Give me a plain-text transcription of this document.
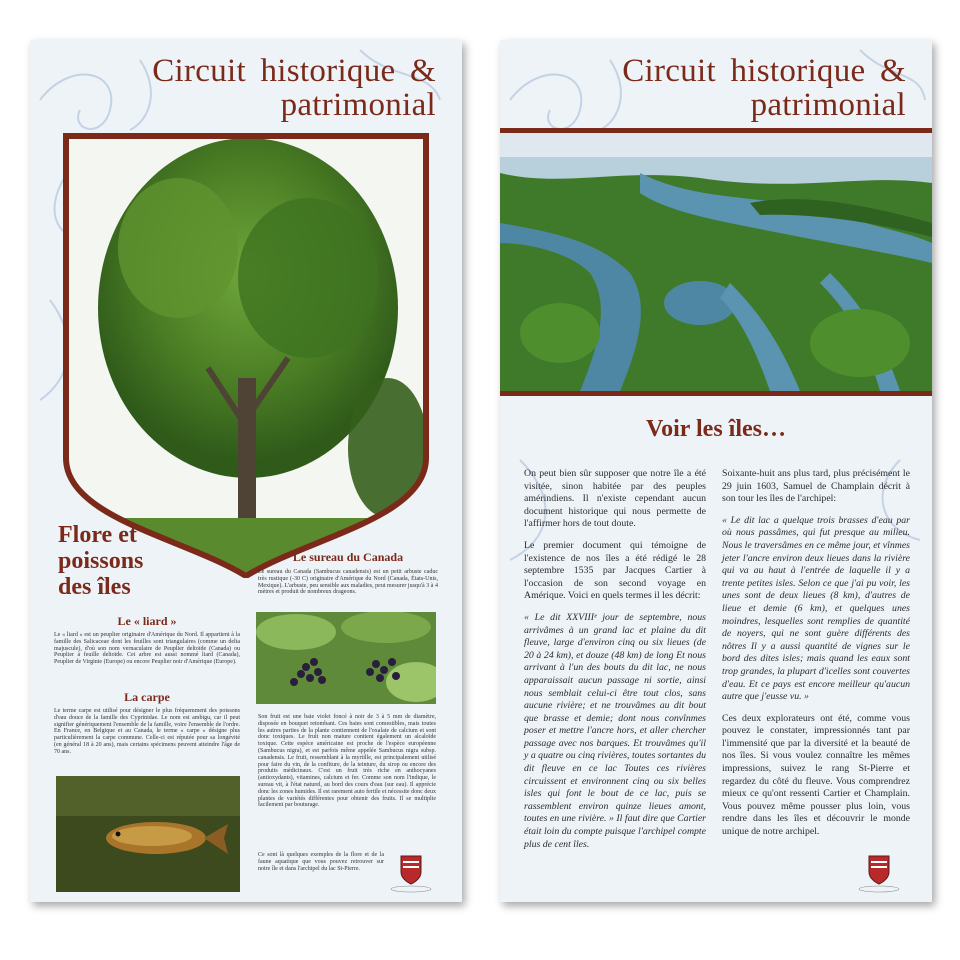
Circuit historique &
patrimonial
Flore et
poissons
des îles
Le sureau du Canada

Le sureau du Canada (Sambucus canadensis) est un petit arbuste caduc très rustique (-30 C) originaire d'Amérique du Nord (Canada, États-Unis, Mexique). L'arbuste, peu sensible aux maladies, peut mesurer jusqu'à 3 à 4 mètres et produit de nombreux drageons.

Le « liard »

Le « liard » est un peuplier originaire d'Amérique du Nord. Il appartient à la famille des Salicaceae dont les feuilles sont triangulaires (comme un delta majuscule), d'où son nom vernaculaire de Peuplier deltoïde (Canada) ou Peuplier à feuille deltoïde. Cet arbre est aussi nommé liard (Canada), Peuplier de Virginie (Europe) ou encore Peuplier noir d'Amérique (Europe).

La carpe

Le terme carpe est utilisé pour désigner le plus fréquemment des poissons d'eau douce de la famille des Cyprinidae. Le nom est ambigu, car il peut signifier génériquement l'ensemble de la famille, voire l'ensemble de l'ordre. En France, en Belgique et au Canada, le terme « carpe » désigne plus particulièrement la carpe commune. Celle-ci est réputée pour sa longévité (en général 18 à 20 ans), mais certains spécimens peuvent atteindre l'âge de 70 ans.

Son fruit est une baie violet foncé à noir de 3 à 5 mm de diamètre, disposée en bouquet retombant. Ces baies sont comestibles, mais toutes les autres parties de la plante contiennent de l'oxalate de calcium et sont donc toxiques. Le fruit non mature contient également un alcaloïde toxique. Cette espèce américaine est proche de l'espèce européenne (Sambucus nigra), et est parfois même appelée Sambucus nigra subsp. canadensis. Le fruit, ressemblant à la myrtille, est principalement utilisé pour faire du vin, de la confiture, de la teinture, du sirop ou encore des produits médicinaux. C'est un fruit très riche en anthocyanes (antioxydants), vitamines, calcium et fer. Comme son nom l'indique, le sureau vit, à l'état naturel, au bord des cours d'eau (sur eau). Il apprécie donc les zones humides. Il est rarement auto fertile et nécessite donc deux plantes de variétés différentes pour obtenir des fruits. Il se multiplie facilement par bouturage.

Ce sont là quelques exemples de la flore et de la faune aquatique que vous pouvez retrouver sur notre île et dans l'archipel du lac St-Pierre.

Circuit historique &
patrimonial
Voir les îles…

On peut bien sûr supposer que notre île a été visitée, sinon habitée par des peuples amérindiens. Il n'existe cependant aucun document historique qui nous permette de l'affirmer hors de tout doute.

Le premier document qui témoigne de l'existence de nos îles a été rédigé le 28 septembre 1535 par Jacques Cartier à l'occasion de son second voyage en Amérique. Voici en quels termes il les décrit:

« Le dit XXVIIIᵉ jour de septembre, nous arrivâmes à un grand lac et plaine du dit fleuve, large d'environ cinq ou six lieues (de 20 à 24 km), et douze (48 km) de long Et nous arrivant à l'un des bouts du dit lac, ne nous apparaissait aucun passage ni sortie, ainsi nous semblait celui-ci être tout clos, sans aucune rivière; et ne trouvâmes au dit bout que brasse et demie; dont nous convînmes poser et mettre l'ancre hors, et aller chercher passage avec nos barques. Et trouvâmes qu'il y a quatre ou cinq rivières, toutes sortantes du dit fleuve en ce lac Toutes ces rivières circuissent et environnent cinq ou six belles isles qui font le bout de ce lac, puis se rassemblent environ quinze lieues amont, toutes en une rivière. » Il faut dire que Cartier était loin du compte puisque l'archipel compte plus de cent îles.

Soixante-huit ans plus tard, plus précisément le 29 juin 1603, Samuel de Champlain décrit à son tour les îles de l'archipel:

« Le dit lac a quelque trois brasses d'eau par où nous passâmes, qui fut presque au milieu. Nous le traversâmes en ce même jour, et vînmes jeter l'ancre environ deux lieues dans la rivière qui va au haut à l'entrée de laquelle il y a trente petites isles. Selon ce que j'ai pu voir, les unes sont de deux lieues (8 km), d'autres de lieue et demie (6 km), et quelques unes moindres, lesquelles sont remplies de quantité de noyers, qui ne sont guère différents des nôtres Il y a aussi quantité de vignes sur le bord des dites isles; mais quand les eaux sont trop grandes, la plupart d'icelles sont couvertes d'eau. Et ce pays est encore meilleur qu'aucun autre que j'eusse vu. »

Ces deux explorateurs ont été, comme vous pouvez le constater, impressionnés tant par l'immensité que par la diversité et la beauté de nos îles. Si vous voulez connaître les mêmes impressions, suivez le rang St-Pierre et regardez du côté du fleuve. Vous comprendrez mieux ce qu'ont ressenti Cartier et Champlain. Vous pouvez même pousser plus loin, vous rendre dans les îles et découvrir le monde unique de notre archipel.
